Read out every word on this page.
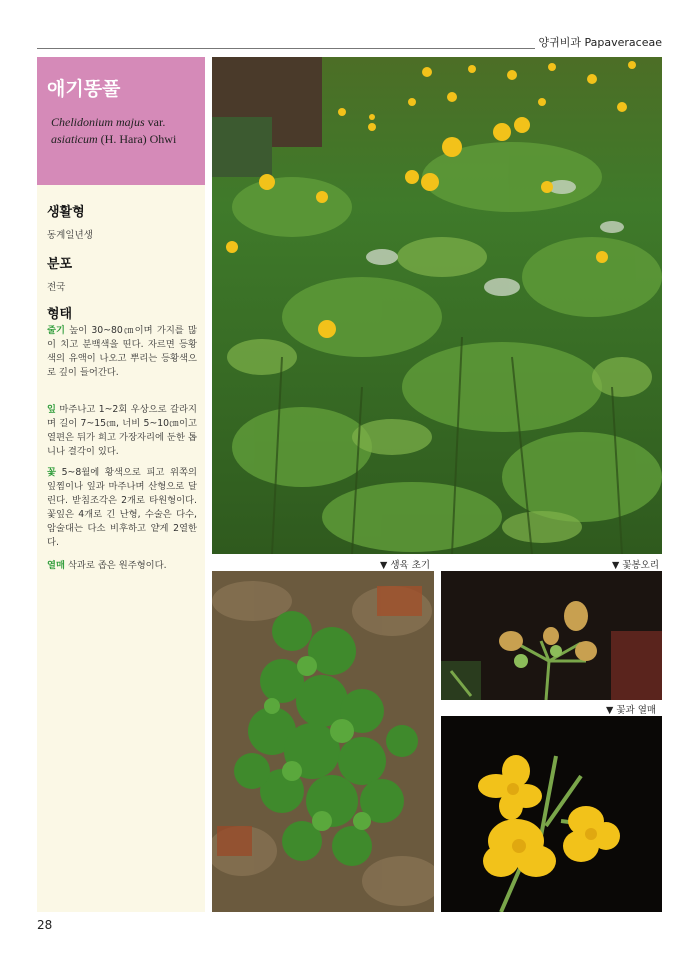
양귀비과 Papaveraceae
애기똥풀
Chelidonium majus var.
asiaticum (H. Hara) Ohwi
생활형
동계일년생
분포
전국
형태
줄기 높이 30~80㎝이며 가지를 많이 치고 분백색을 띤다. 자르면 등황색의 유액이 나오고 뿌리는 등황색으로 깊이 들어간다.
잎 마주나고 1~2회 우상으로 갈라지며 길이 7~15㎝, 너비 5~10㎝이고 열편은 뒤가 희고 가장자리에 둔한 톱니나 결각이 있다.
꽃 5~8월에 황색으로 피고 위쪽의 잎찜이나 잎과 마주나며 산형으로 달린다. 받침조각은 2개로 타원형이다. 꽃잎은 4개로 긴 난형, 수술은 다수, 암술대는 다소 비후하고 얕게 2열한다.
열매 삭과로 좁은 원주형이다.	▼ 생육 초기	▼ 꽃봉오리
▼ 꽃과 열매
28
